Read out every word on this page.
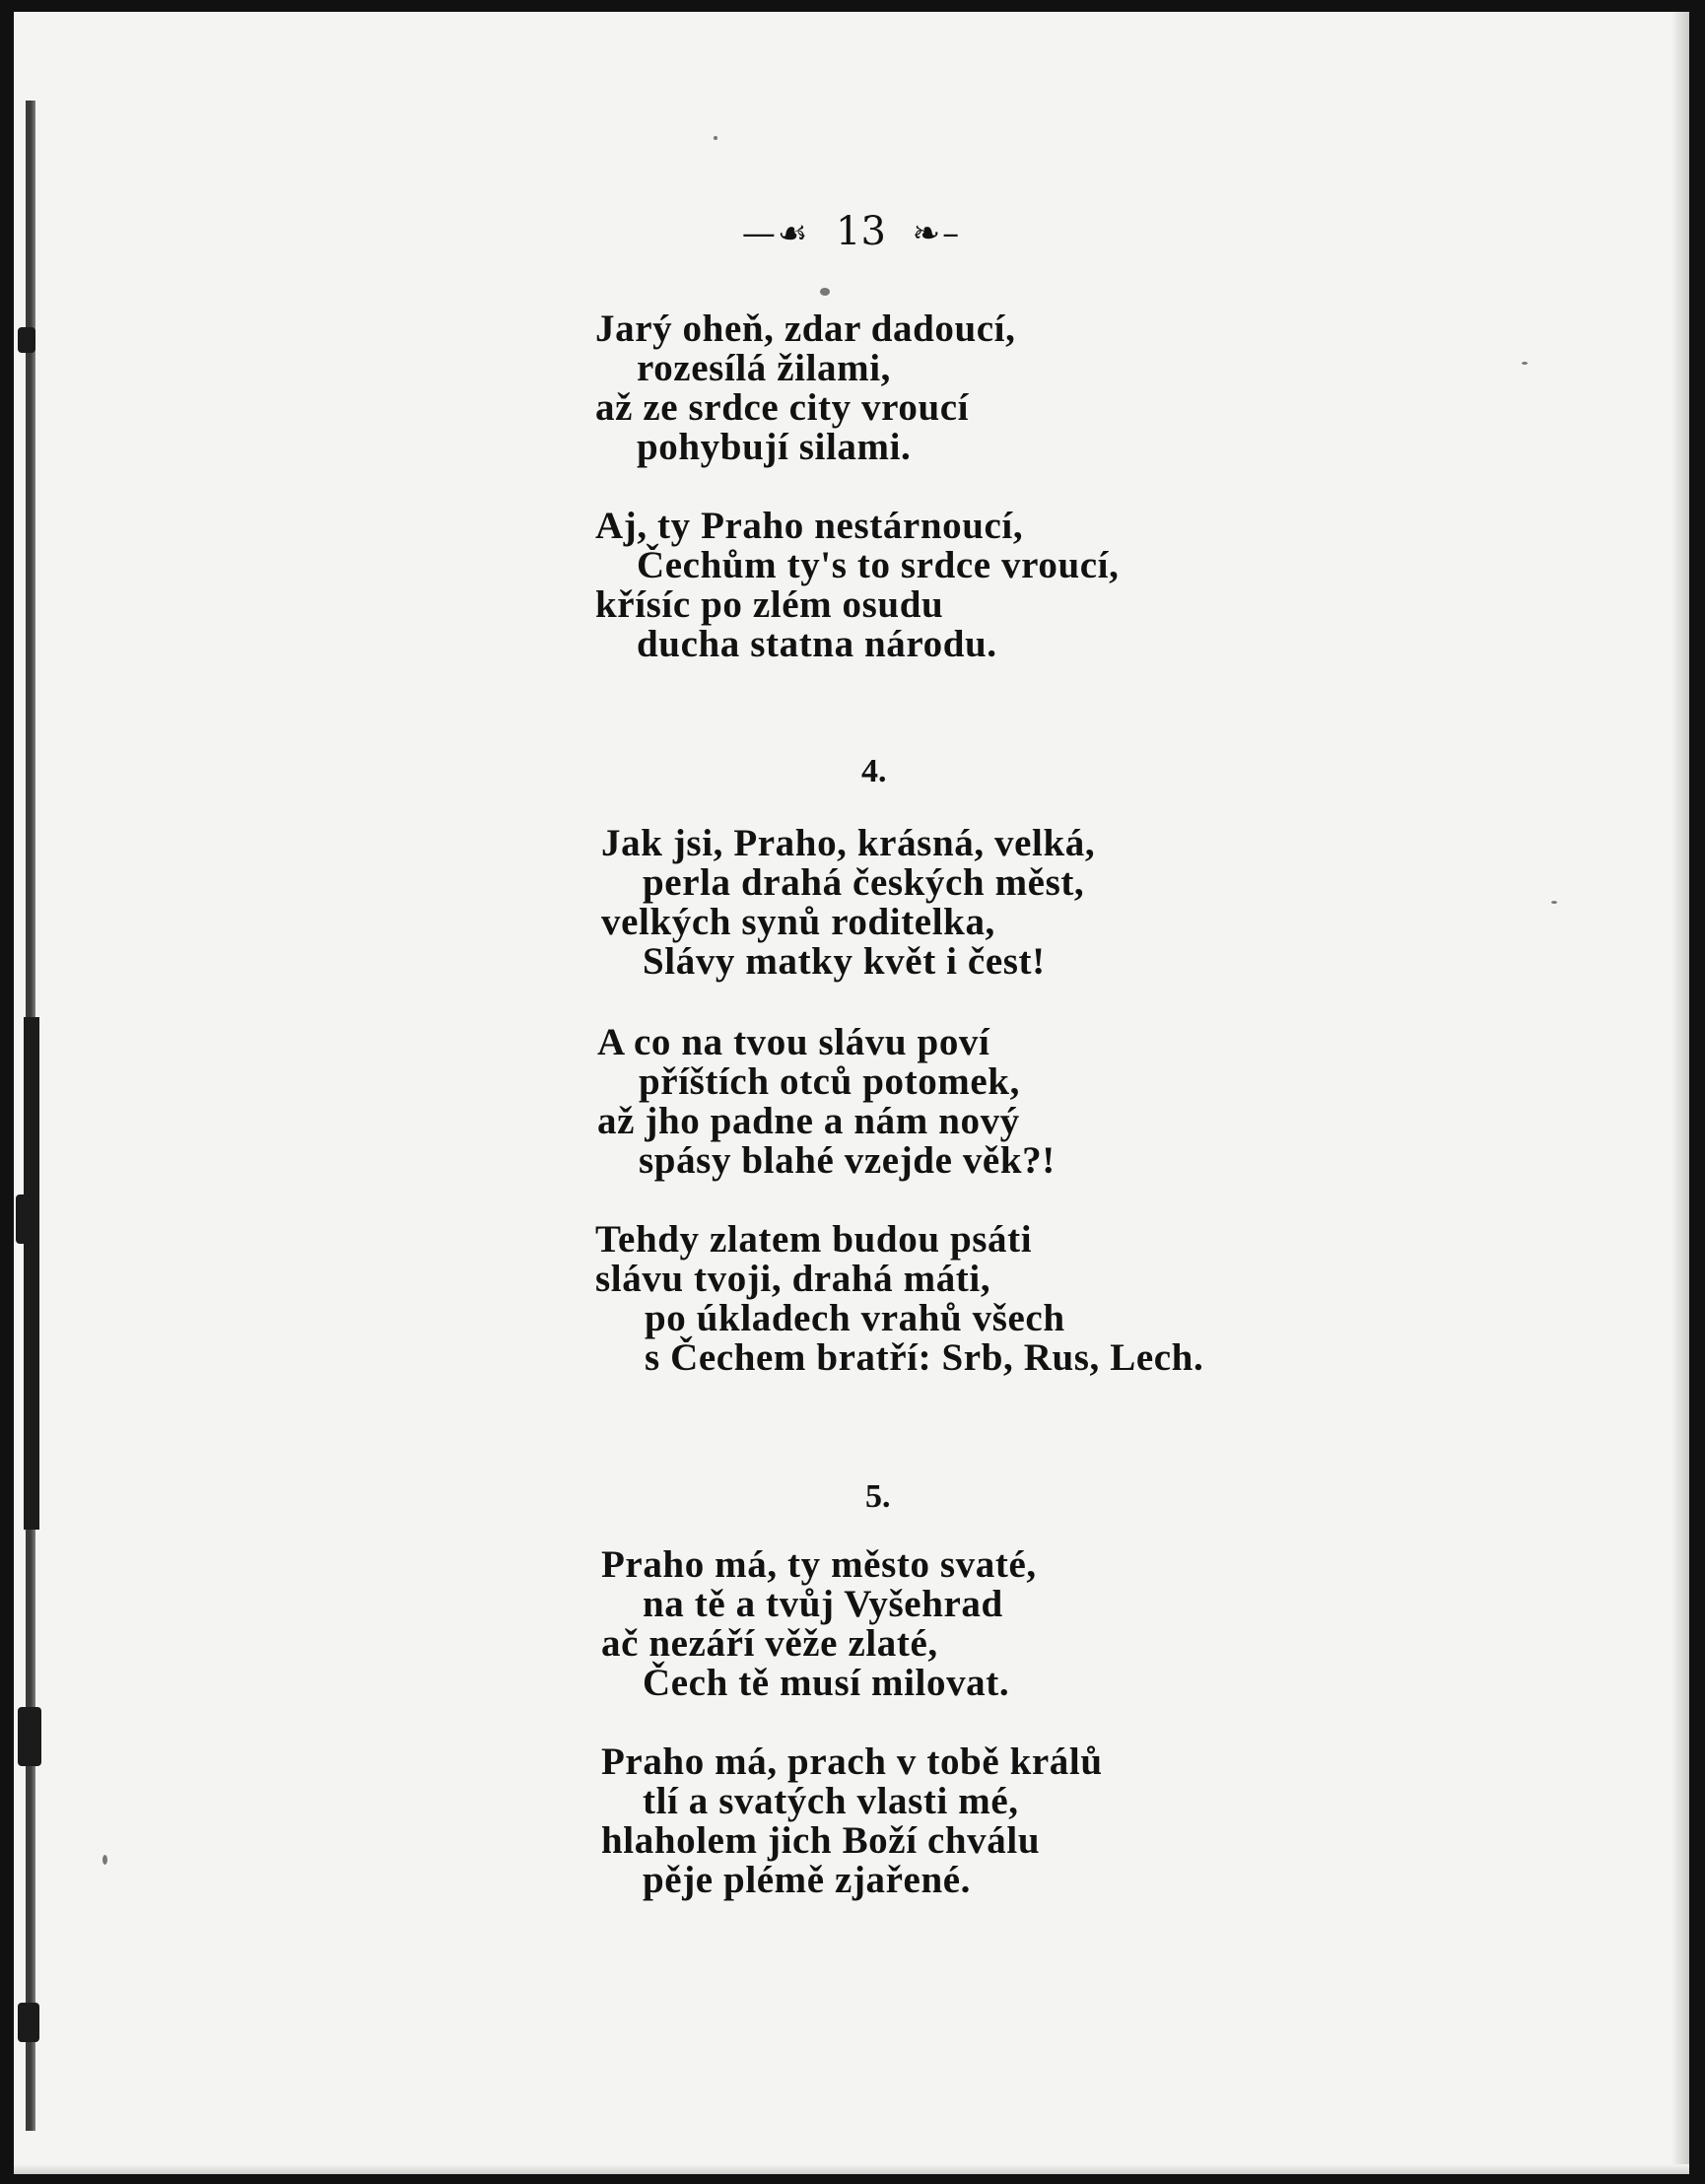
—☙ 13 ❧–
Jarý oheň, zdar dadoucí,
rozesílá žilami,
až ze srdce city vroucí
pohybují silami.
Aj, ty Praho nestárnoucí,
Čechům ty's to srdce vroucí,
křísíc po zlém osudu
ducha statna národu.
4.
Jak jsi, Praho, krásná, velká,
perla drahá českých měst,
velkých synů roditelka,
Slávy matky květ i čest!
A co na tvou slávu poví
příštích otců potomek,
až jho padne a nám nový
spásy blahé vzejde věk?!
Tehdy zlatem budou psáti
slávu tvoji, drahá máti,
po úkladech vrahů všech
s Čechem bratří: Srb, Rus, Lech.
5.
Praho má, ty město svaté,
na tě a tvůj Vyšehrad
ač nezáří věže zlaté,
Čech tě musí milovat.
Praho má, prach v tobě králů
tlí a svatých vlasti mé,
hlaholem jich Boží chválu
pěje plémě zjařené.
